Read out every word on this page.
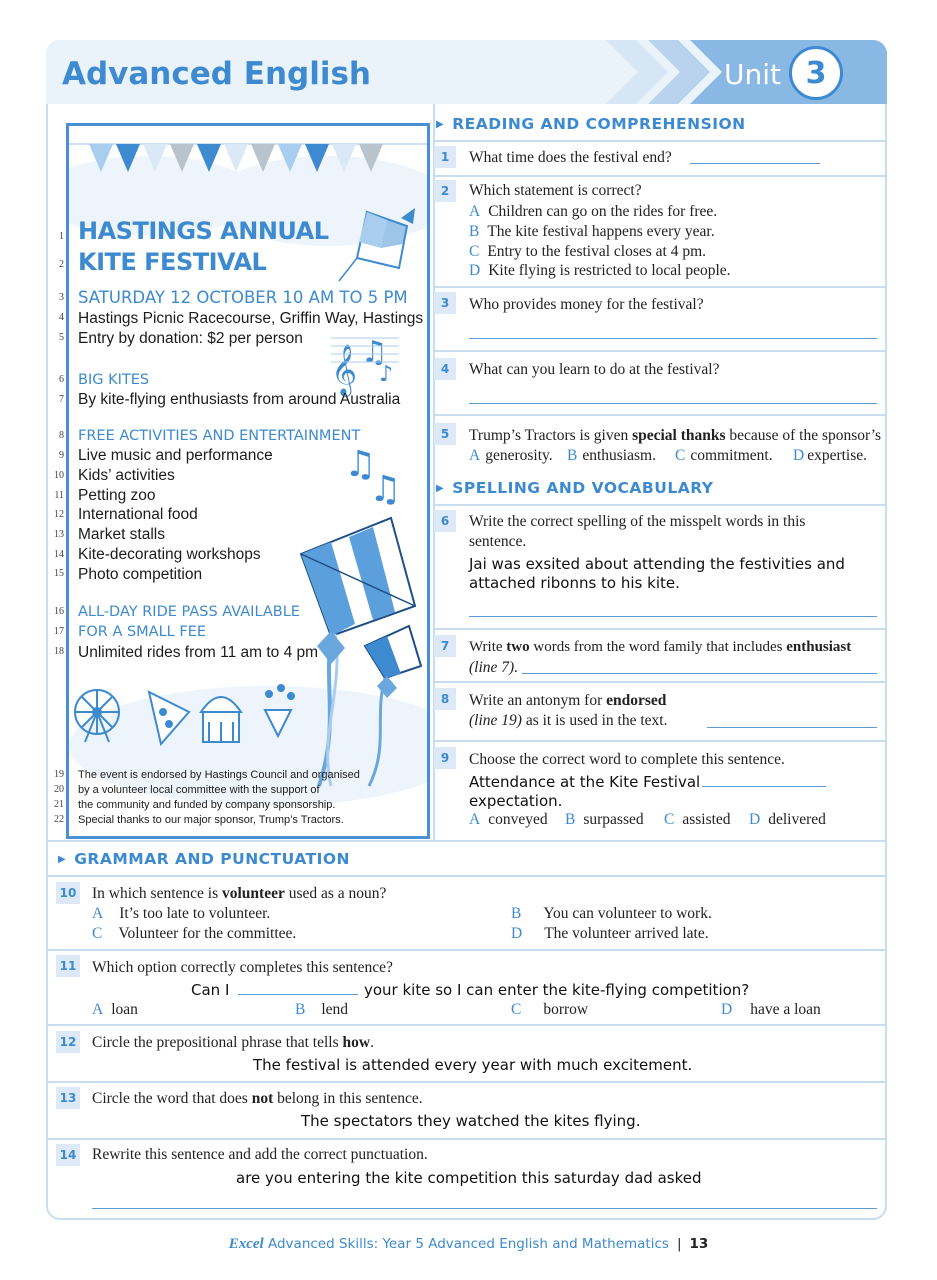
Advanced English	Unit 3
1
2
3
4
5
6
7
8
9
10
11
12
13
14
15
16
17
18
19
20
21
22
𝄞 ♫
♪
♫
♫
HASTINGS ANNUAL
KITE FESTIVAL
SATURDAY 12 OCTOBER 10 AM TO 5 PM
Hastings Picnic Racecourse, Griffin Way, Hastings
Entry by donation: $2 per person
BIG KITES
By kite-flying enthusiasts from around Australia
FREE ACTIVITIES AND ENTERTAINMENT
Live music and performance
Kids’ activities
Petting zoo
International food
Market stalls
Kite-decorating workshops
Photo competition
ALL-DAY RIDE PASS AVAILABLE
FOR A SMALL FEE
Unlimited rides from 11 am to 4 pm
The event is endorsed by Hastings Council and organised
by a volunteer local committee with the support of
the community and funded by company sponsorship.
Special thanks to our major sponsor, Trump’s Tractors.
▶ READING AND COMPREHENSION
1	What time does the festival end?
2	Which statement is correct?
A Children can go on the rides for free.
B The kite festival happens every year.
C Entry to the festival closes at 4 pm.
D Kite flying is restricted to local people.
3	Who provides money for the festival?
4	What can you learn to do at the festival?
5	Trump’s Tractors is given special thanks because of the sponsor’s
A generosity. B enthusiasm. C commitment. D expertise.
▶ SPELLING AND VOCABULARY
6	Write the correct spelling of the misspelt words in this
sentence.
Jai was exsited about attending the festivities and
attached ribonns to his kite.
7	Write two words from the word family that includes enthusiast
(line 7).
8	Write an antonym for endorsed
(line 19) as it is used in the text.
9	Choose the correct word to complete this sentence.
Attendance at the Kite Festival
expectation.
A conveyed B surpassed C assisted D delivered
▶ GRAMMAR AND PUNCTUATION
10 In which sentence is volunteer used as a noun?
A It’s too late to volunteer.	B You can volunteer to work.
C Volunteer for the committee.	D The volunteer arrived late.
11 Which option correctly completes this sentence?
Can I	your kite so I can enter the kite-flying competition?
A loan	B lend	C borrow	D have a loan
12 Circle the prepositional phrase that tells how.
The festival is attended every year with much excitement.
13 Circle the word that does not belong in this sentence.
The spectators they watched the kites flying.
14 Rewrite this sentence and add the correct punctuation.
are you entering the kite competition this saturday dad asked
Excel Advanced Skills: Year 5 Advanced English and Mathematics | 13
